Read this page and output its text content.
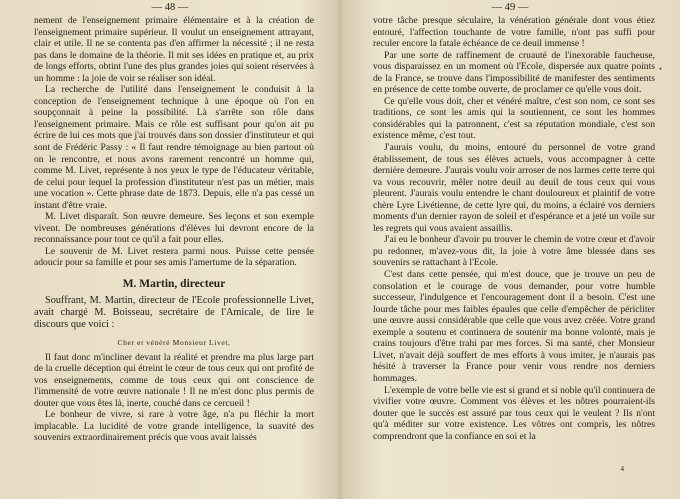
— 48 —

nement de l'enseignement primaire élémentaire et à la création de l'enseignement primaire supérieur. Il voulut un enseignement attrayant, clair et utile. Il ne se contenta pas d'en affirmer la nécessité ; il ne resta pas dans le domaine de la théorie. Il mit ses idées en pratique et, au prix de longs efforts, obtint l'une des plus grandes joies qui soient réservées à un homme : la joie de voir se réaliser son idéal.

La recherche de l'utilité dans l'enseignement le conduisit à la conception de l'enseignement technique à une époque où l'on en soupçonnait à peine la possibilité. Là s'arrête son rôle dans l'enseignement primaire. Mais ce rôle est suffisant pour qu'on ait pu écrire de lui ces mots que j'ai trouvés dans son dossier d'instituteur et qui sont de Frédéric Passy : « Il faut rendre témoignage au bien partout où on le rencontre, et nous avons rarement rencontré un homme qui, comme M. Livet, représente à nos yeux le type de l'éducateur véritable, de celui pour lequel la profession d'instituteur n'est pas un métier, mais une vocation ». Cette phrase date de 1873. Depuis, elle n'a pas cessé un instant d'être vraie.

M. Livet disparaît. Son œuvre demeure. Ses leçons et son exemple vivent. De nombreuses générations d'élèves lui devront encore de la reconnaissance pour tout ce qu'il a fait pour elles.

Le souvenir de M. Livet restera parmi nous. Puisse cette pensée adoucir pour sa famille et pour ses amis l'amertume de la séparation.

M. Martin, directeur

Souffrant, M. Martin, directeur de l'Ecole professionnelle Livet, avait chargé M. Boisseau, secrétaire de l'Amicale, de lire le discours que voici :

Cher et vénéré Monsieur Livet,

Il faut donc m'incliner devant la réalité et prendre ma plus large part de la cruelle déception qui étreint le cœur de tous ceux qui ont profité de vos enseignements, comme de tous ceux qui ont conscience de l'immensité de votre œuvre nationale ! Il ne m'est donc plus permis de douter que vous êtes là, inerte, couché dans ce cercueil !

Le bonheur de vivre, si rare à votre âge, n'a pu fléchir la mort implacable. La lucidité de votre grande intelligence, la suavité des souvenirs extraordinairement précis que vous avait laissés

— 49 —
•

votre tâche presque séculaire, la vénération générale dont vous étiez entouré, l'affection touchante de votre famille, n'ont pas suffi pour reculer encore la fatale échéance de ce deuil immense !

Par une sorte de raffinement de cruauté de l'inexorable faucheuse, vous disparaissez en un moment où l'Ecole, dispersée aux quatre points de la France, se trouve dans l'impossibilité de manifester des sentiments en présence de cette tombe ouverte, de proclamer ce qu'elle vous doit.

Ce qu'elle vous doit, cher et vénéré maître, c'est son nom, ce sont ses traditions, ce sont les amis qui la soutiennent, ce sont les hommes considérables qui la patronnent, c'est sa réputation mondiale, c'est son existence même, c'est tout.

J'aurais voulu, du moins, entouré du personnel de votre grand établissement, de tous ses élèves actuels, vous accompagner à cette dernière demeure. J'aurais voulu voir arroser de nos larmes cette terre qui va vous recouvrir, mêler notre deuil au deuil de tous ceux qui vous pleurent. J'aurais voulu entendre le chant douloureux et plaintif de votre chère Lyre Livétienne, de cette lyre qui, du moins, a éclairé vos derniers moments d'un dernier rayon de soleil et d'espérance et a jeté un voile sur les regrets qui vous avaient assaillis.

J'ai eu le bonheur d'avoir pu trouver le chemin de votre cœur et d'avoir pu redonner, m'avez-vous dit, la joie à votre âme blessée dans ses souvenirs se rattachant à l'Ecole.

C'est dans cette pensée, qui m'est douce, que je trouve un peu de consolation et le courage de vous demander, pour votre humble successeur, l'indulgence et l'encouragement dont il a besoin. C'est une lourde tâche pour mes faibles épaules que celle d'empêcher de péricliter une œuvre aussi considérable que celle que vous avez créée. Votre grand exemple a soutenu et continuera de soutenir ma bonne volonté, mais je crains toujours d'être trahi par mes forces. Si ma santé, cher Monsieur Livet, n'avait déjà souffert de mes efforts à vous imiter, je n'aurais pas hésité à traverser la France pour venir vous rendre nos derniers hommages.

L'exemple de votre belle vie est si grand et si noble qu'il continuera de vivifier votre œuvre. Comment vos élèves et les nôtres pourraient-ils douter que le succès est assuré par tous ceux qui le veulent ? Ils n'ont qu'à méditer sur votre existence. Les vôtres ont compris, les nôtres comprendront que la confiance en soi et la

4
